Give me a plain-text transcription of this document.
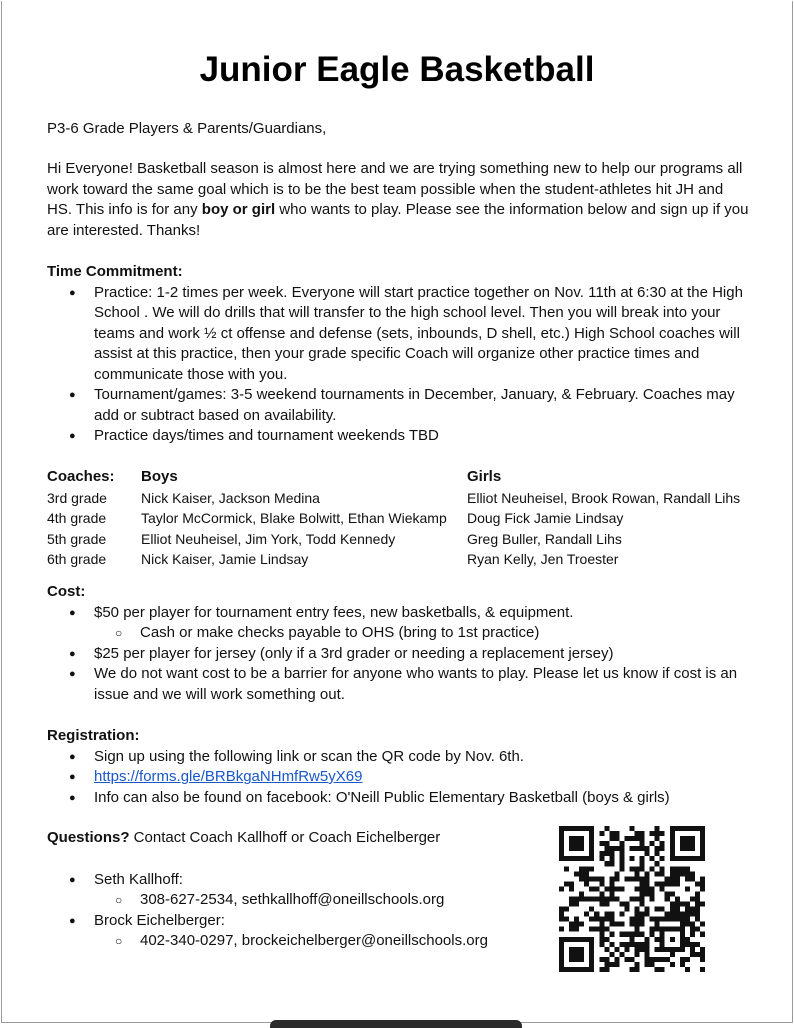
Junior Eagle Basketball

P3-6 Grade Players & Parents/Guardians,

Hi Everyone! Basketball season is almost here and we are trying something new to help our programs all work toward the same goal which is to be the best team possible when the student-athletes hit JH and HS. This info is for any boy or girl who wants to play. Please see the information below and sign up if you are interested. Thanks!

Time Commitment:

● Practice: 1-2 times per week. Everyone will start practice together on Nov. 11th at 6:30 at the High School . We will do drills that will transfer to the high school level. Then you will break into your teams and work ½ ct offense and defense (sets, inbounds, D shell, etc.) High School coaches will assist at this practice, then your grade specific Coach will organize other practice times and communicate those with you.
● Tournament/games: 3-5 weekend tournaments in December, January, & February. Coaches may add or subtract based on availability.
● Practice days/times and tournament weekends TBD
Coaches:	Boys	Girls
3rd grade	Nick Kaiser, Jackson Medina	Elliot Neuheisel, Brook Rowan, Randall Lihs
4th grade	Taylor McCormick, Blake Bolwitt, Ethan Wiekamp	Doug Fick Jamie Lindsay
5th grade	Elliot Neuheisel, Jim York, Todd Kennedy	Greg Buller, Randall Lihs
6th grade	Nick Kaiser, Jamie Lindsay	Ryan Kelly, Jen Troester

Cost:

● $50 per player for tournament entry fees, new basketballs, & equipment.
○ Cash or make checks payable to OHS (bring to 1st practice)
● $25 per player for jersey (only if a 3rd grader or needing a replacement jersey)
● We do not want cost to be a barrier for anyone who wants to play. Please let us know if cost is an issue and we will work something out.

Registration:

● Sign up using the following link or scan the QR code by Nov. 6th.
● https://forms.gle/BRBkgaNHmfRw5yX69
● Info can also be found on facebook: O'Neill Public Elementary Basketball (boys & girls)

Questions? Contact Coach Kallhoff or Coach Eichelberger

● Seth Kallhoff:
○ 308-627-2534, sethkallhoff@oneillschools.org
● Brock Eichelberger:
○ 402-340-0297, brockeichelberger@oneillschools.org
